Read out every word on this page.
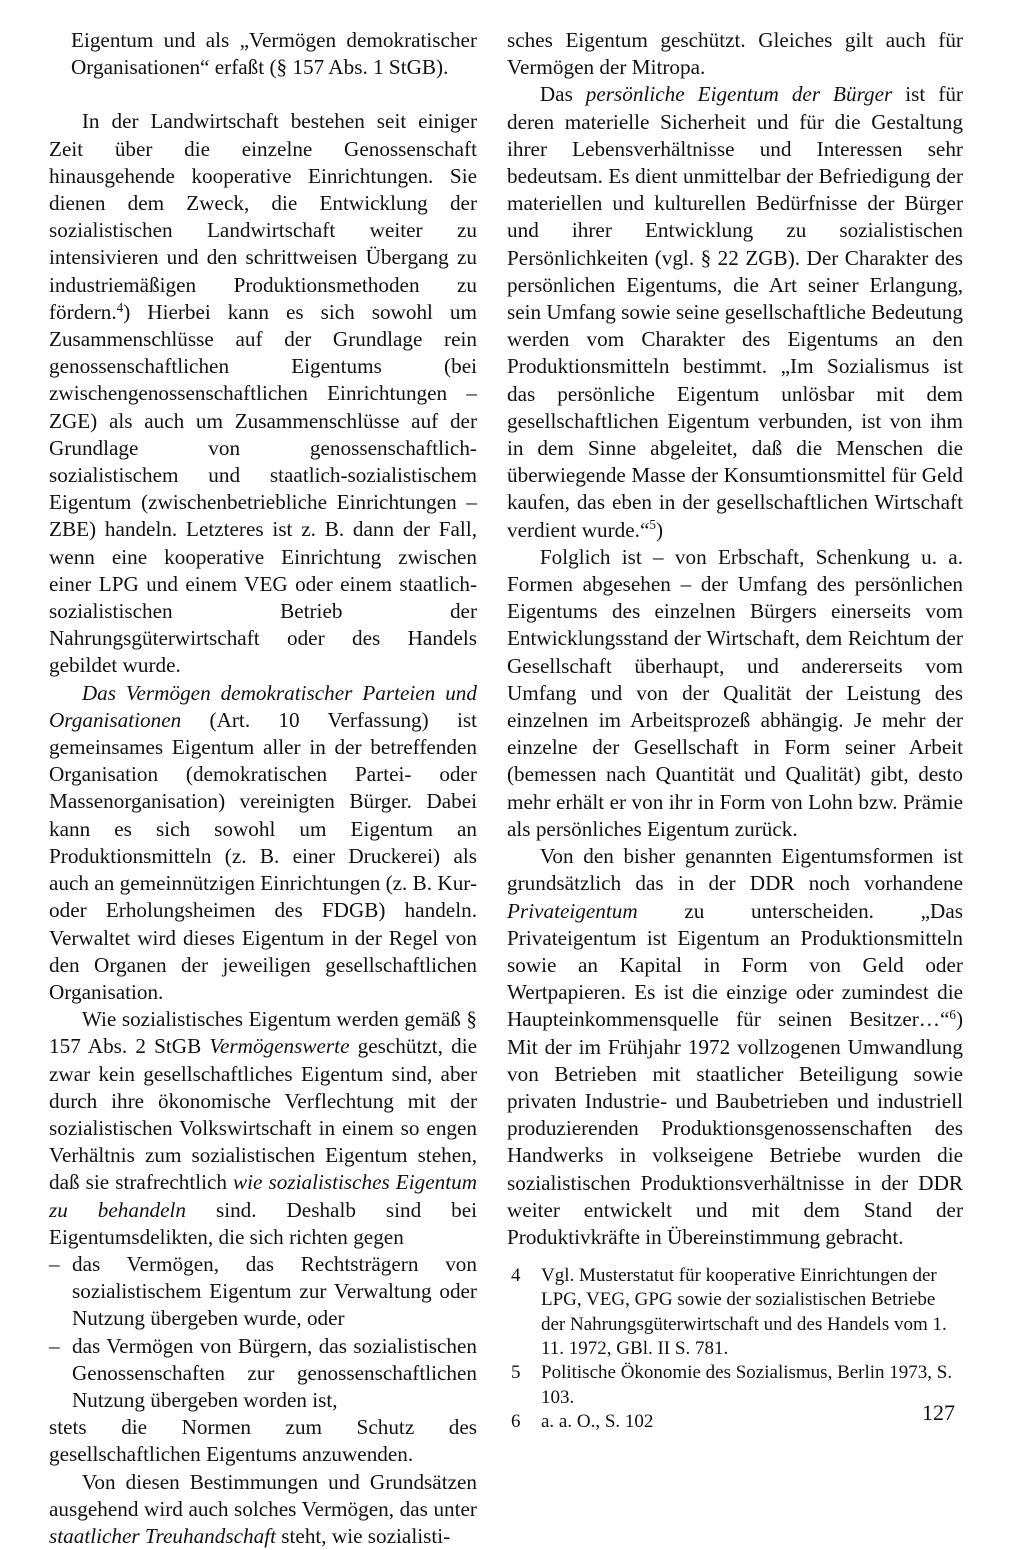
Eigentum und als „Vermögen demokratischer Organisationen“ erfaßt (§ 157 Abs. 1 StGB).

In der Landwirtschaft bestehen seit einiger Zeit über die einzelne Genossenschaft hinausgehende kooperative Einrichtungen. Sie dienen dem Zweck, die Entwicklung der sozialistischen Landwirtschaft weiter zu intensivieren und den schrittweisen Übergang zu industriemäßigen Produktionsmethoden zu fördern.$^4$) Hierbei kann es sich sowohl um Zusammenschlüsse auf der Grundlage rein genossenschaftlichen Eigentums (bei zwischengenossenschaftlichen Einrichtungen – ZGE) als auch um Zusammenschlüsse auf der Grundlage von genossenschaftlich-sozialistischem und staatlich-sozialistischem Eigentum (zwischenbetriebliche Einrichtungen – ZBE) handeln. Letzteres ist z. B. dann der Fall, wenn eine kooperative Einrichtung zwischen einer LPG und einem VEG oder einem staatlich-sozialistischen Betrieb der Nahrungsgüterwirtschaft oder des Handels gebildet wurde.

Das Vermögen demokratischer Parteien und Organisationen (Art. 10 Verfassung) ist gemeinsames Eigentum aller in der betreffenden Organisation (demokratischen Partei- oder Massenorganisation) vereinigten Bürger. Dabei kann es sich sowohl um Eigentum an Produktionsmitteln (z. B. einer Druckerei) als auch an gemeinnützigen Einrichtungen (z. B. Kur- oder Erholungsheimen des FDGB) handeln. Verwaltet wird dieses Eigentum in der Regel von den Organen der jeweiligen gesellschaftlichen Organisation.

Wie sozialistisches Eigentum werden gemäß § 157 Abs. 2 StGB Vermögenswerte geschützt, die zwar kein gesellschaftliches Eigentum sind, aber durch ihre ökonomische Verflechtung mit der sozialistischen Volkswirtschaft in einem so engen Verhältnis zum sozialistischen Eigentum stehen, daß sie strafrechtlich wie sozialistisches Eigentum zu behandeln sind. Deshalb sind bei Eigentumsdelikten, die sich richten gegen

– das Vermögen, das Rechtsträgern von sozialistischem Eigentum zur Verwaltung oder Nutzung übergeben wurde, oder

– das Vermögen von Bürgern, das sozialistischen Genossenschaften zur genossenschaftlichen Nutzung übergeben worden ist,

stets die Normen zum Schutz des gesellschaftlichen Eigentums anzuwenden.

Von diesen Bestimmungen und Grundsätzen ausgehend wird auch solches Vermögen, das unter staatlicher Treuhandschaft steht, wie sozialisti-

sches Eigentum geschützt. Gleiches gilt auch für Vermögen der Mitropa.

Das persönliche Eigentum der Bürger ist für deren materielle Sicherheit und für die Gestaltung ihrer Lebensverhältnisse und Interessen sehr bedeutsam. Es dient unmittelbar der Befriedigung der materiellen und kulturellen Bedürfnisse der Bürger und ihrer Entwicklung zu sozialistischen Persönlichkeiten (vgl. § 22 ZGB). Der Charakter des persönlichen Eigentums, die Art seiner Erlangung, sein Umfang sowie seine gesellschaftliche Bedeutung werden vom Charakter des Eigentums an den Produktionsmitteln bestimmt. „Im Sozialismus ist das persönliche Eigentum unlösbar mit dem gesellschaftlichen Eigentum verbunden, ist von ihm in dem Sinne abgeleitet, daß die Menschen die überwiegende Masse der Konsumtionsmittel für Geld kaufen, das eben in der gesellschaftlichen Wirtschaft verdient wurde.“$^5$)

Folglich ist – von Erbschaft, Schenkung u. a. Formen abgesehen – der Umfang des persönlichen Eigentums des einzelnen Bürgers einerseits vom Entwicklungsstand der Wirtschaft, dem Reichtum der Gesellschaft überhaupt, und andererseits vom Umfang und von der Qualität der Leistung des einzelnen im Arbeitsprozeß abhängig. Je mehr der einzelne der Gesellschaft in Form seiner Arbeit (bemessen nach Quantität und Qualität) gibt, desto mehr erhält er von ihr in Form von Lohn bzw. Prämie als persönliches Eigentum zurück.

Von den bisher genannten Eigentumsformen ist grundsätzlich das in der DDR noch vorhandene Privateigentum zu unterscheiden. „Das Privateigentum ist Eigentum an Produktionsmitteln sowie an Kapital in Form von Geld oder Wertpapieren. Es ist die einzige oder zumindest die Haupteinkommensquelle für seinen Besitzer…“$^6$) Mit der im Frühjahr 1972 vollzogenen Umwandlung von Betrieben mit staatlicher Beteiligung sowie privaten Industrie- und Baubetrieben und industriell produzierenden Produktionsgenossenschaften des Handwerks in volkseigene Betriebe wurden die sozialistischen Produktionsverhältnisse in der DDR weiter entwickelt und mit dem Stand der Produktivkräfte in Übereinstimmung gebracht.

4 Vgl. Musterstatut für kooperative Einrichtungen der LPG, VEG, GPG sowie der sozialistischen Betriebe der Nahrungsgüterwirtschaft und des Handels vom 1. 11. 1972, GBl. II S. 781.

5 Politische Ökonomie des Sozialismus, Berlin 1973, S. 103.

6 a. a. O., S. 102	127
